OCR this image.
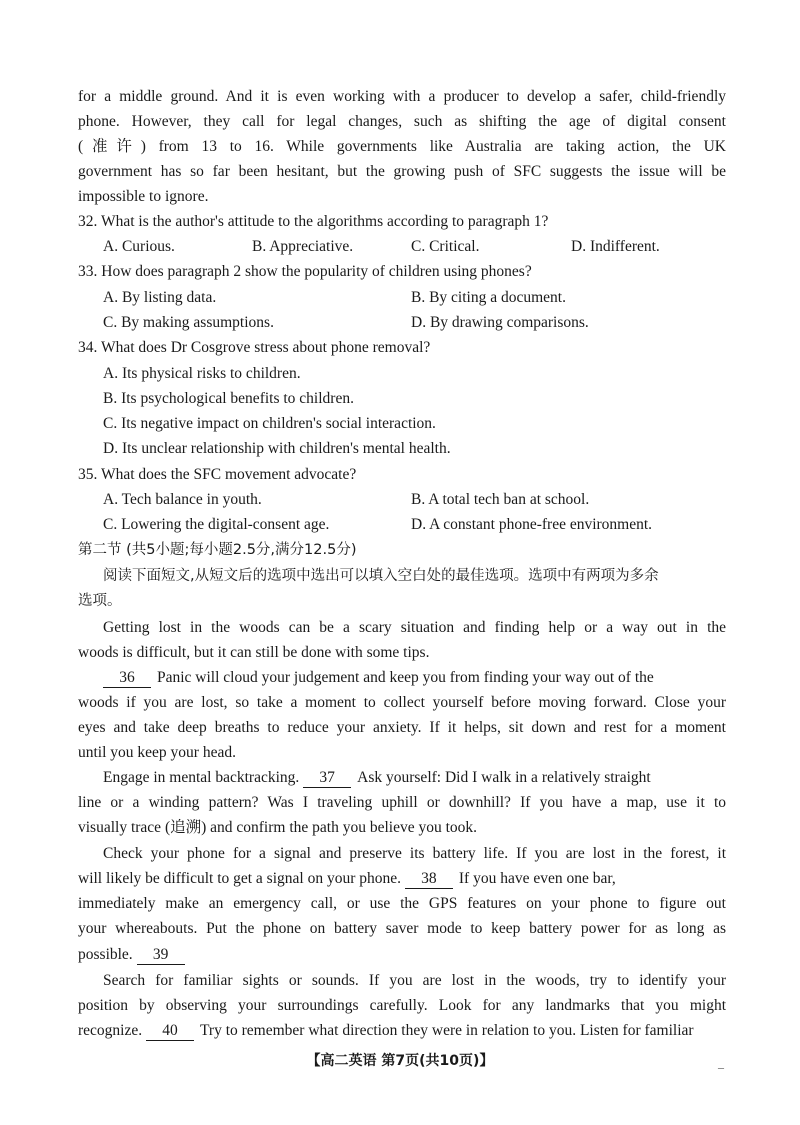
for a middle ground. And it is even working with a producer to develop a safer, child-friendly
phone. However, they call for legal changes, such as shifting the age of digital consent
(准许) from 13 to 16. While governments like Australia are taking action, the UK
government has so far been hesitant, but the growing push of SFC suggests the issue will be
impossible to ignore.
32. What is the author's attitude to the algorithms according to paragraph 1?
A. Curious.	B. Appreciative.	C. Critical.	D. Indifferent.
33. How does paragraph 2 show the popularity of children using phones?
A. By listing data.	B. By citing a document.
C. By making assumptions.	D. By drawing comparisons.
34. What does Dr Cosgrove stress about phone removal?
A. Its physical risks to children.
B. Its psychological benefits to children.
C. Its negative impact on children's social interaction.
D. Its unclear relationship with children's mental health.
35. What does the SFC movement advocate?
A. Tech balance in youth.	B. A total tech ban at school.
C. Lowering the digital-consent age.	D. A constant phone-free environment.
第二节 (共5小题;每小题2.5分,满分12.5分)
阅读下面短文,从短文后的选项中选出可以填入空白处的最佳选项。选项中有两项为多余
选项。
Getting lost in the woods can be a scary situation and finding help or a way out in the
woods is difficult, but it can still be done with some tips.
36 Panic will cloud your judgement and keep you from finding your way out of the
woods if you are lost, so take a moment to collect yourself before moving forward. Close your
eyes and take deep breaths to reduce your anxiety. If it helps, sit down and rest for a moment
until you keep your head.
Engage in mental backtracking. 37 Ask yourself: Did I walk in a relatively straight
line or a winding pattern? Was I traveling uphill or downhill? If you have a map, use it to
visually trace (追溯) and confirm the path you believe you took.
Check your phone for a signal and preserve its battery life. If you are lost in the forest, it
will likely be difficult to get a signal on your phone. 38 If you have even one bar,
immediately make an emergency call, or use the GPS features on your phone to figure out
your whereabouts. Put the phone on battery saver mode to keep battery power for as long as
possible. 39
Search for familiar sights or sounds. If you are lost in the woods, try to identify your
position by observing your surroundings carefully. Look for any landmarks that you might
recognize. 40 Try to remember what direction they were in relation to you. Listen for familiar
【高二英语 第7页(共10页)】	–
